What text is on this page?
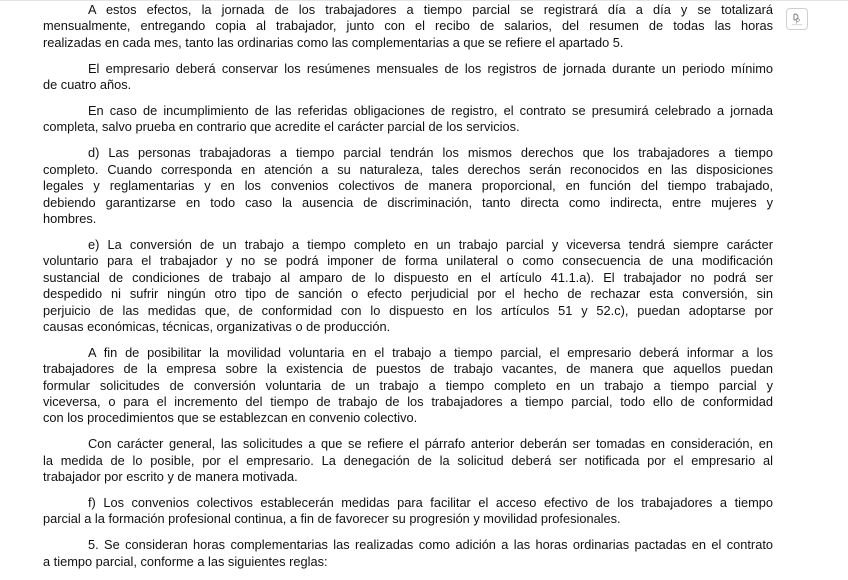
A estos efectos, la jornada de los trabajadores a tiempo parcial se registrará día a día y se totalizará
mensualmente, entregando copia al trabajador, junto con el recibo de salarios, del resumen de todas las horas
realizadas en cada mes, tanto las ordinarias como las complementarias a que se refiere el apartado 5.

El empresario deberá conservar los resúmenes mensuales de los registros de jornada durante un periodo mínimo
de cuatro años.

En caso de incumplimiento de las referidas obligaciones de registro, el contrato se presumirá celebrado a jornada
completa, salvo prueba en contrario que acredite el carácter parcial de los servicios.

d) Las personas trabajadoras a tiempo parcial tendrán los mismos derechos que los trabajadores a tiempo
completo. Cuando corresponda en atención a su naturaleza, tales derechos serán reconocidos en las disposiciones
legales y reglamentarias y en los convenios colectivos de manera proporcional, en función del tiempo trabajado,
debiendo garantizarse en todo caso la ausencia de discriminación, tanto directa como indirecta, entre mujeres y
hombres.

e) La conversión de un trabajo a tiempo completo en un trabajo parcial y viceversa tendrá siempre carácter
voluntario para el trabajador y no se podrá imponer de forma unilateral o como consecuencia de una modificación
sustancial de condiciones de trabajo al amparo de lo dispuesto en el artículo 41.1.a). El trabajador no podrá ser
despedido ni sufrir ningún otro tipo de sanción o efecto perjudicial por el hecho de rechazar esta conversión, sin
perjuicio de las medidas que, de conformidad con lo dispuesto en los artículos 51 y 52.c), puedan adoptarse por
causas económicas, técnicas, organizativas o de producción.

A fin de posibilitar la movilidad voluntaria en el trabajo a tiempo parcial, el empresario deberá informar a los
trabajadores de la empresa sobre la existencia de puestos de trabajo vacantes, de manera que aquellos puedan
formular solicitudes de conversión voluntaria de un trabajo a tiempo completo en un trabajo a tiempo parcial y
viceversa, o para el incremento del tiempo de trabajo de los trabajadores a tiempo parcial, todo ello de conformidad
con los procedimientos que se establezcan en convenio colectivo.

Con carácter general, las solicitudes a que se refiere el párrafo anterior deberán ser tomadas en consideración, en
la medida de lo posible, por el empresario. La denegación de la solicitud deberá ser notificada por el empresario al
trabajador por escrito y de manera motivada.

f) Los convenios colectivos establecerán medidas para facilitar el acceso efectivo de los trabajadores a tiempo
parcial a la formación profesional continua, a fin de favorecer su progresión y movilidad profesionales.

5. Se consideran horas complementarias las realizadas como adición a las horas ordinarias pactadas en el contrato
a tiempo parcial, conforme a las siguientes reglas:
